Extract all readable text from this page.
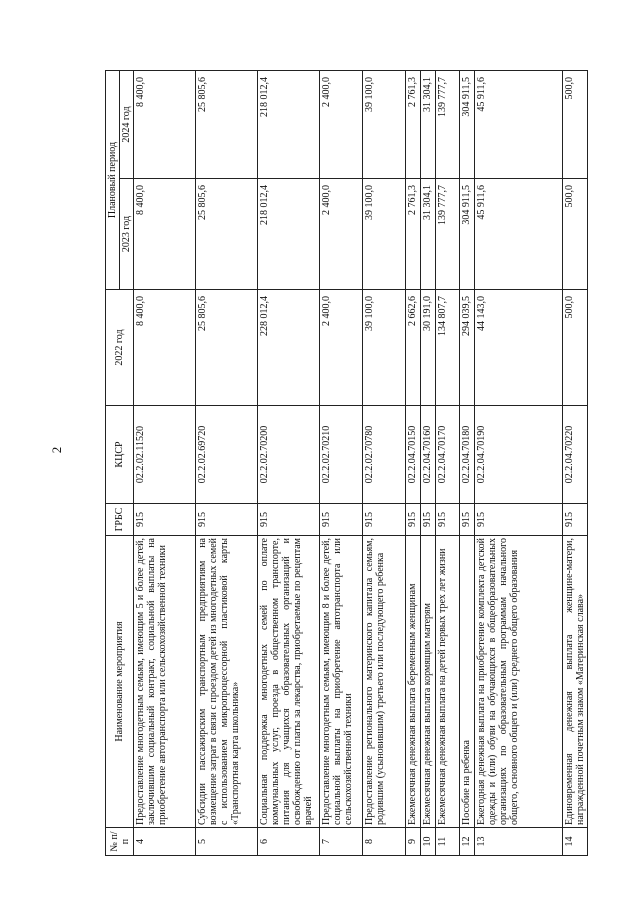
2
№ п/п	Наименование мероприятия	ГРБС	КЦСР	2022 год	Плановый период	
					2023 год	2024 год
4	Предоставление многодетным семьям, имеющим 5 и более детей, заключившим социальный контракт, социальной выплаты на приобретение автотранспорта или сельскохозяйственной техники	915	02.2.02.11520	8 400,0	8 400,0	8 400,0
5	Субсидии пассажирским транспортным предприятиям на возмещение затрат в связи с проездом детей из многодетных семей с использованием микропроцессорной пластиковой карты «Транспортная карта школьника»	915	02.2.02.69720	25 805,6	25 805,6	25 805,6
6	Социальная поддержка многодетных семей по оплате коммунальных услуг, проезда в общественном транспорте, питания для учащихся образовательных организаций и освобождению от платы за лекарства, приобретаемые по рецептам врачей	915	02.2.02.70200	228 012,4	218 012,4	218 012,4
7	Предоставление многодетным семьям, имеющим 8 и более детей, социальной выплаты на приобретение автотранспорта или сельскохозяйственной техники	915	02.2.02.70210	2 400,0	2 400,0	2 400,0
8	Предоставление регионального материнского капитала семьям, родившим (усыновившим) третьего или последующего ребенка	915	02.2.02.70780	39 100,0	39 100,0	39 100,0
9	Ежемесячная денежная выплата беременным женщинам	915	02.2.04.70150	2 662,6	2 761,3	2 761,3
10	Ежемесячная денежная выплата кормящим матерям	915	02.2.04.70160	30 191,0	31 304,1	31 304,1
11	Ежемесячная денежная выплата на детей первых трех лет жизни	915	02.2.04.70170	134 807,7	139 777,7	139 777,7
12	Пособие на ребенка	915	02.2.04.70180	294 039,5	304 911,5	304 911,5
13	Ежегодная денежная выплата на приобретение комплекта детской одежды и (или) обуви на обучающихся в общеобразовательных организациях по образовательным программам начального общего, основного общего и (или) среднего общего образования	915	02.2.04.70190	44 143,0	45 911,6	45 911,6
14	Единовременная денежная выплата женщине-матери, награжденной почетным знаком «Материнская слава»	915	02.2.04.70220	500,0	500,0	500,0
